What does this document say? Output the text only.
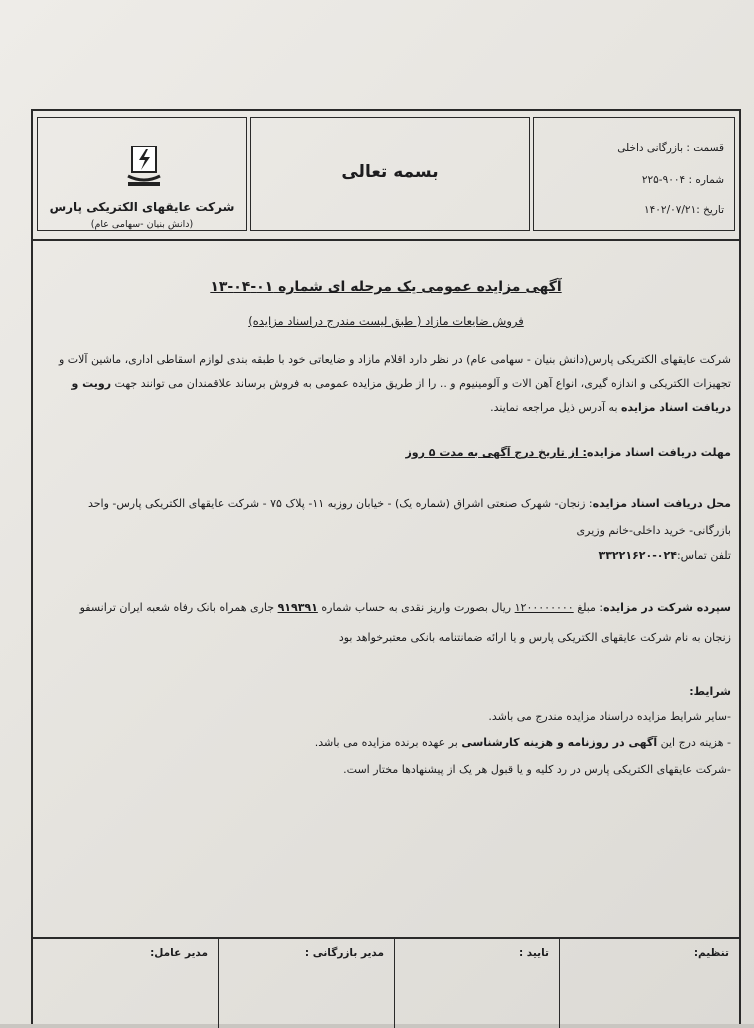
شرکت عایقهای الکتریکی پارس
(دانش بنیان -سهامی عام)
بسمه تعالی
قسمت : بازرگانی داخلی
شماره : ۹۰۰۴-۲۲۵
تاریخ :۱۴۰۲/۰۷/۲۱
آگهی مزایده عمومی یک مرحله ای شماره ۰۱-۰۴-۱۳
فروش ضایعات مازاد ( طبق لیست مندرج دراسناد مزایده)
شرکت عایقهای الکتریکی پارس(دانش بنیان - سهامی عام) در نظر دارد اقلام مازاد و ضایعاتی خود با طبقه بندی لوازم اسقاطی اداری، ماشین آلات و
تجهیزات الکتریکی و اندازه گیری، انواع آهن الات و آلومینیوم و .. را از طریق مزایده عمومی به فروش برساند علاقمندان می توانند جهت رویت و
دریافت اسناد مزایده به آدرس ذیل مراجعه نمایند.
مهلت دریافت اسناد مزایده: از تاریخ درج آگهی به مدت ۵ روز
محل دریافت اسناد مزایده: زنجان- شهرک صنعتی اشراق (شماره یک) - خیابان روزبه ۱۱- پلاک ۷۵ - شرکت عایقهای الکتریکی پارس- واحد
بازرگانی- خرید داخلی-خانم وزیری
تلفن تماس:۰۲۴-۳۳۲۲۱۶۲۰
سپرده شرکت در مزایده: مبلغ ۱۲۰۰۰۰۰۰۰۰ ریال بصورت واریز نقدی به حساب شماره ۹۱۹۳۹۱ جاری همراه بانک رفاه شعبه ایران ترانسفو
زنجان به نام شرکت عایقهای الکتریکی پارس و یا ارائه ضمانتنامه بانکی معتبرخواهد بود
شرایط:
-سایر شرایط مزایده دراسناد مزایده مندرج می باشد.
- هزینه درج این آگهی در روزنامه و هزینه کارشناسی بر عهده برنده مزایده می باشد.
-شرکت عایقهای الکتریکی پارس در رد کلیه و یا قبول هر یک از پیشنهادها مختار است.
مدیر عامل:	مدیر بازرگانی :	تایید :	تنظیم:
